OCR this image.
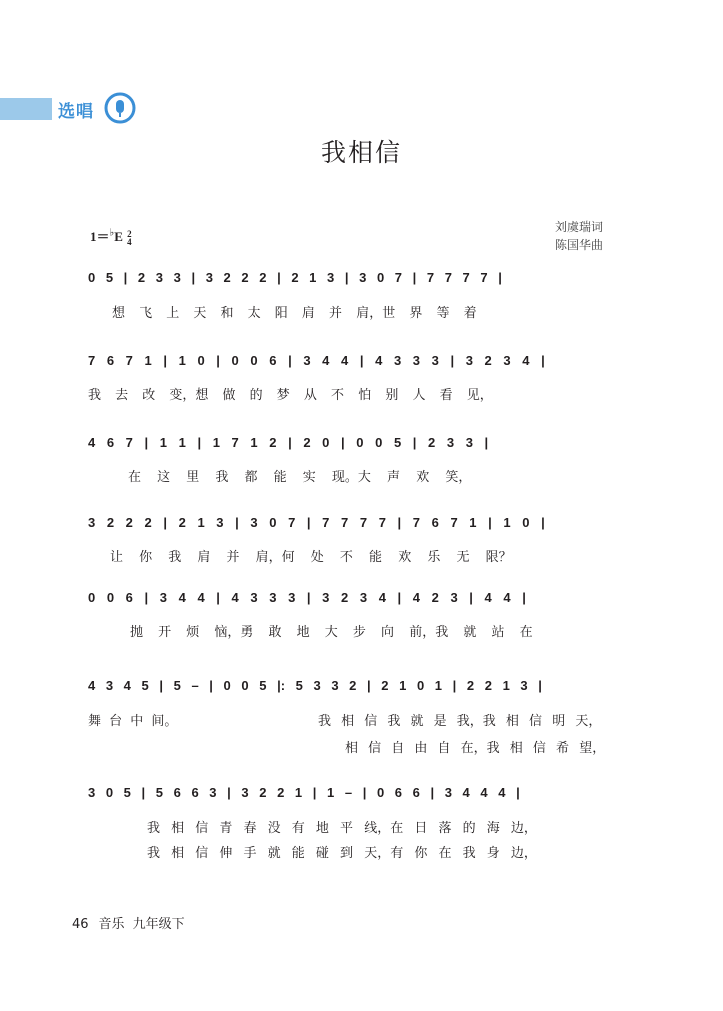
选唱
我相信
1＝♭E 2
4
刘虞瑞词
陈国华曲
0 5 | 2 3 3 | 3 2 2 2 | 2 1 3 | 3 0 7 | 7 7 7 7 |
7 6 7 1 | 1 0 | 0 0 6 | 3 4 4 | 4 3 3 3 | 3 2 3 4 |
4 6 7 | 1 1 | 1 7 1 2 | 2 0 | 0 0 5 | 2 3 3 |
3 2 2 2 | 2 1 3 | 3 0 7 | 7 7 7 7 | 7 6 7 1 | 1 0 |
0 0 6 | 3 4 4 | 4 3 3 3 | 3 2 3 4 | 4 2 3 | 4 4 |
4 3 4 5 | 5 – | 0 0 5 |: 5 3 3 2 | 2 1 0 1 | 2 2 1 3 |
3 0 5 | 5 6 6 3 | 3 2 2 1 | 1 – | 0 6 6 | 3 4 4 4 |
想 飞 上 天 和 太 阳 肩 并 肩，世 界 等 着
我 去 改 变，想 做 的 梦 从 不 怕 别 人 看 见，
在 这 里 我 都 能 实 现。大 声 欢 笑，
让 你 我 肩 并 肩，何 处 不 能 欢 乐 无 限？
抛 开 烦 恼，勇 敢 地 大 步 向 前，我 就 站 在
舞 台 中 间。	我 相 信 我 就 是 我，我 相 信 明 天，
相 信 自 由 自 在，我 相 信 希 望，
我 相 信 青 春 没 有 地 平 线，在 日 落 的 海 边，
我 相 信 伸 手 就 能 碰 到 天，有 你 在 我 身 边，
46 音乐 九年级下
